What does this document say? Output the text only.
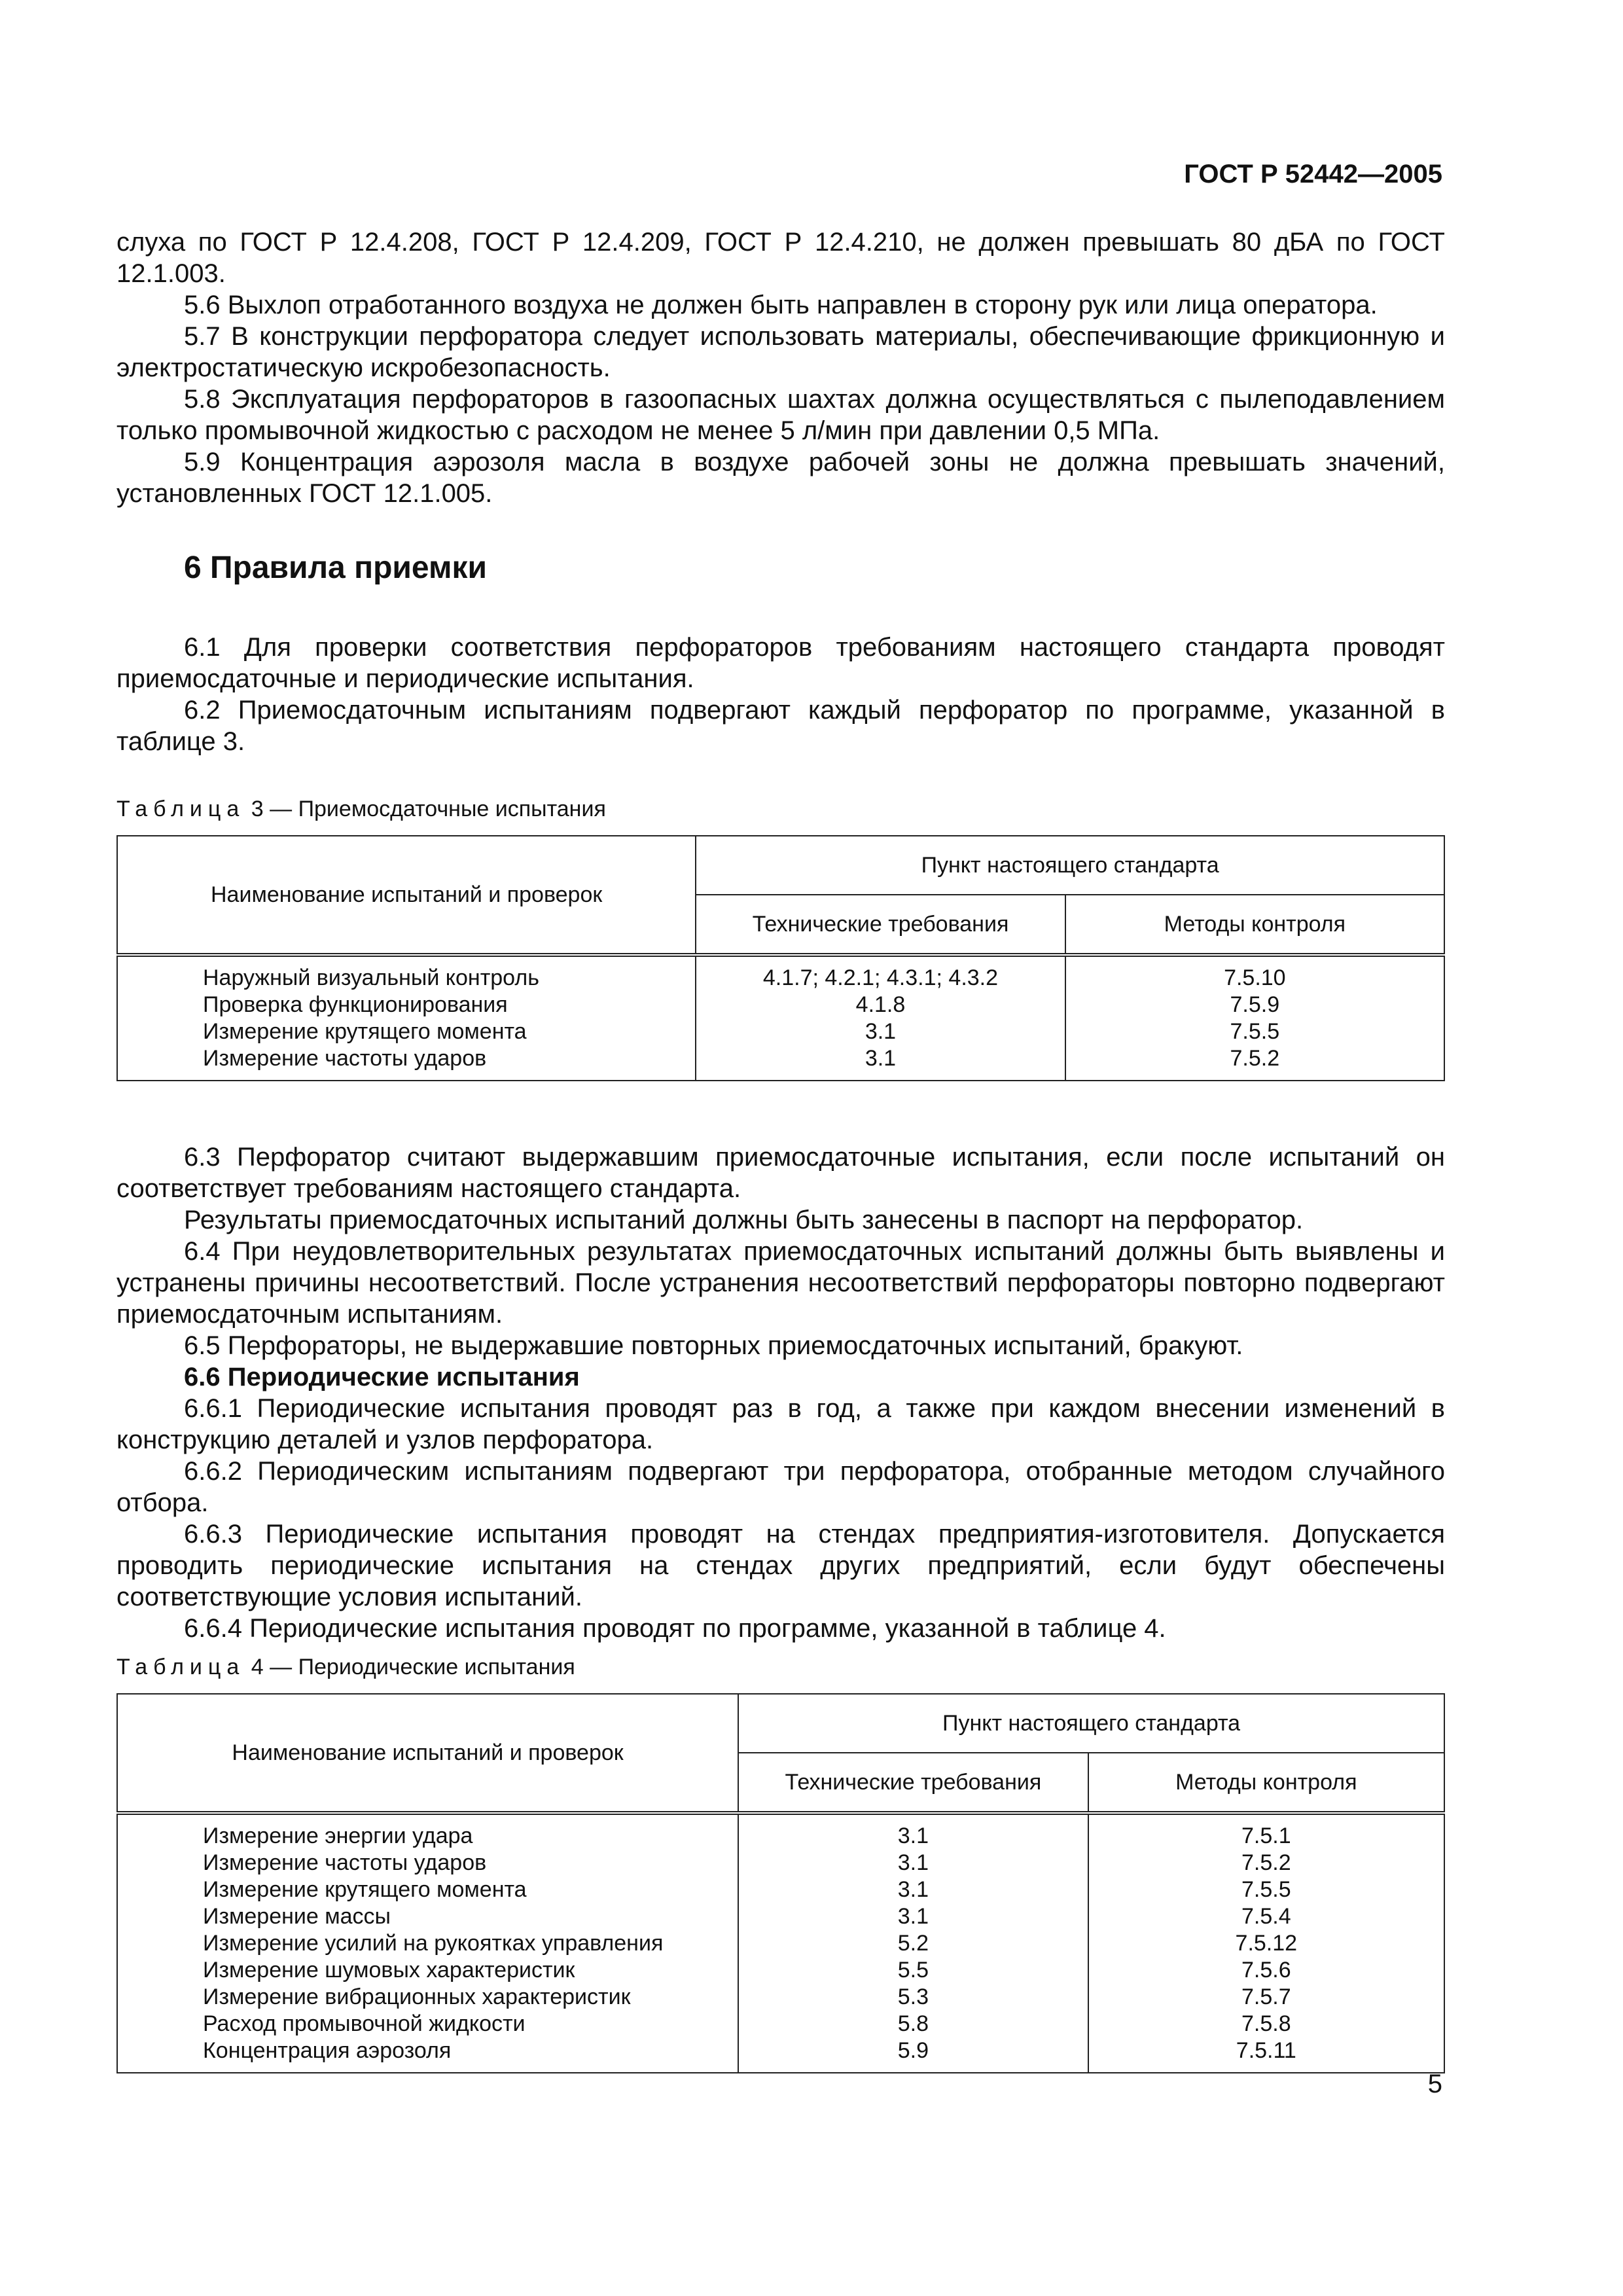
ГОСТ Р 52442—2005

слуха по ГОСТ Р 12.4.208, ГОСТ Р 12.4.209, ГОСТ Р 12.4.210, не должен превышать 80 дБА по ГОСТ 12.1.003.

5.6 Выхлоп отработанного воздуха не должен быть направлен в сторону рук или лица оператора.

5.7 В конструкции перфоратора следует использовать материалы, обеспечивающие фрикционную и электростатическую искробезопасность.

5.8 Эксплуатация перфораторов в газоопасных шахтах должна осуществляться с пылеподавлением только промывочной жидкостью с расходом не менее 5 л/мин при давлении 0,5 МПа.

5.9 Концентрация аэрозоля масла в воздухе рабочей зоны не должна превышать значений, установленных ГОСТ 12.1.005.

6 Правила приемки

6.1 Для проверки соответствия перфораторов требованиям настоящего стандарта проводят приемосдаточные и периодические испытания.

6.2 Приемосдаточным испытаниям подвергают каждый перфоратор по программе, указанной в таблице 3.

Таблица 3 — Приемосдаточные испытания
Наименование испытаний и проверок	Пункт настоящего стандарта	
	Технические требования	Методы контроля
Наружный визуальный контроль	4.1.7; 4.2.1; 4.3.1; 4.3.2	7.5.10
Проверка функционирования	4.1.8	7.5.9
Измерение крутящего момента	3.1	7.5.5
Измерение частоты ударов	3.1	7.5.2

6.3 Перфоратор считают выдержавшим приемосдаточные испытания, если после испытаний он соответствует требованиям настоящего стандарта.

Результаты приемосдаточных испытаний должны быть занесены в паспорт на перфоратор.

6.4 При неудовлетворительных результатах приемосдаточных испытаний должны быть выявлены и устранены причины несоответствий. После устранения несоответствий перфораторы повторно подвергают приемосдаточным испытаниям.

6.5 Перфораторы, не выдержавшие повторных приемосдаточных испытаний, бракуют.

6.6 Периодические испытания

6.6.1 Периодические испытания проводят раз в год, а также при каждом внесении изменений в конструкцию деталей и узлов перфоратора.

6.6.2 Периодическим испытаниям подвергают три перфоратора, отобранные методом случайного отбора.

6.6.3 Периодические испытания проводят на стендах предприятия-изготовителя. Допускается проводить периодические испытания на стендах других предприятий, если будут обеспечены соответствующие условия испытаний.

6.6.4 Периодические испытания проводят по программе, указанной в таблице 4.

Таблица 4 — Периодические испытания
Наименование испытаний и проверок	Пункт настоящего стандарта	
	Технические требования	Методы контроля
Измерение энергии удара	3.1	7.5.1
Измерение частоты ударов	3.1	7.5.2
Измерение крутящего момента	3.1	7.5.5
Измерение массы	3.1	7.5.4
Измерение усилий на рукоятках управления	5.2	7.5.12
Измерение шумовых характеристик	5.5	7.5.6
Измерение вибрационных характеристик	5.3	7.5.7
Расход промывочной жидкости	5.8	7.5.8
Концентрация аэрозоля	5.9	7.5.11
5
